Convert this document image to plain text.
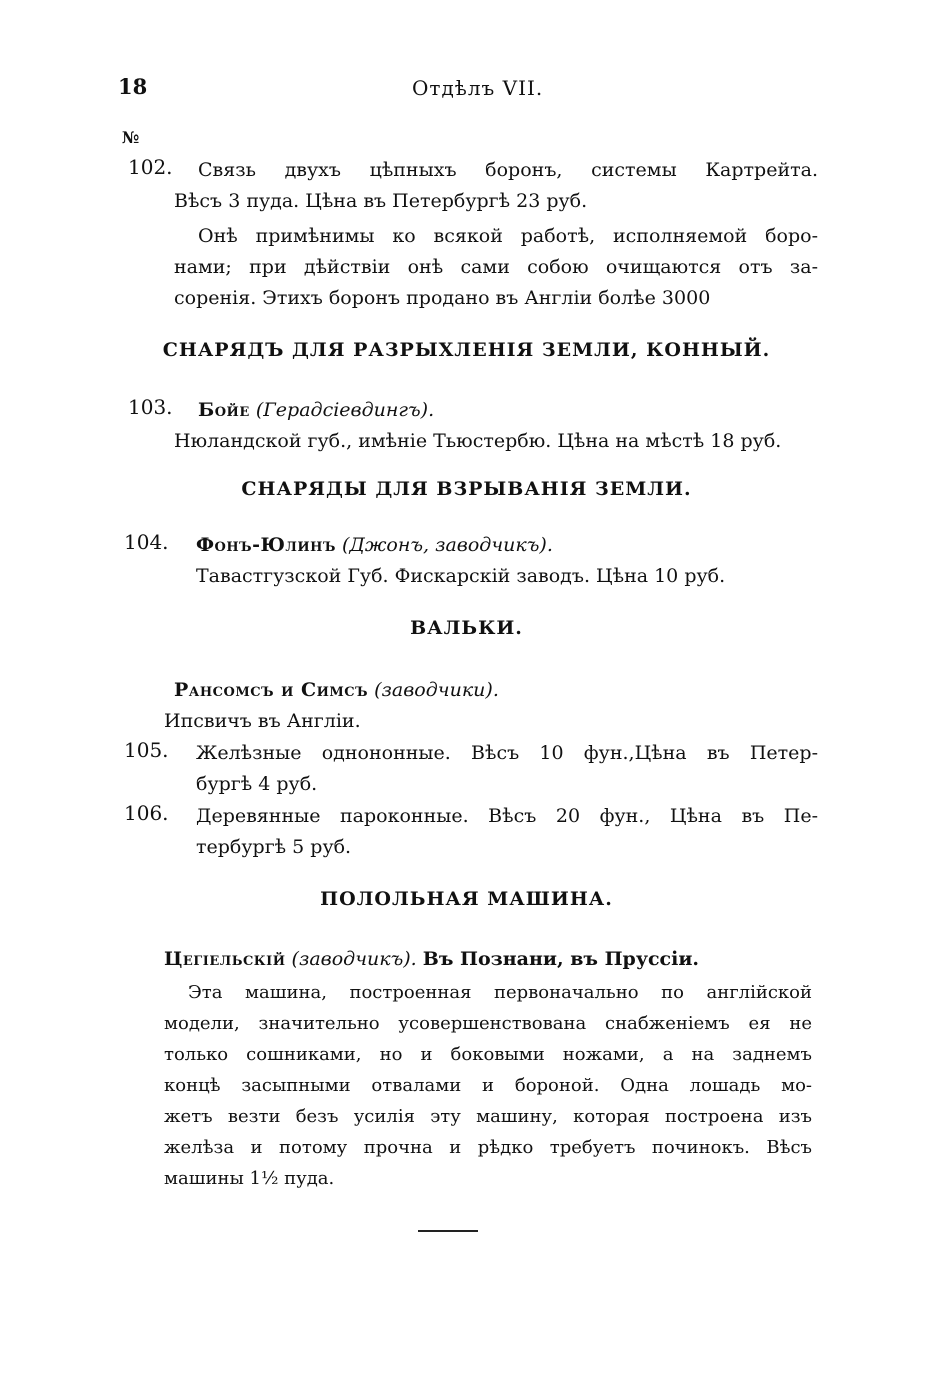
18	Отдѣлъ VII.
№
102. Связь двухъ цѣпныхъ боронъ, системы Картрейта.
Вѣсъ 3 пуда. Цѣна въ Петербургѣ 23 руб.
Онѣ примѣнимы ко всякой работѣ, исполняемой боро-
нами; при дѣйствіи онѣ сами собою очищаются отъ за-
соренія. Этихъ боронъ продано въ Англіи болѣе 3000
СНАРЯДЪ ДЛЯ РАЗРЫХЛЕНІЯ ЗЕМЛИ, КОННЫЙ.
103. Бойе (Герадсіевдингъ).
Нюландской губ., имѣніе Тьюстербю. Цѣна на мѣстѣ 18 руб.
СНАРЯДЫ ДЛЯ ВЗРЫВАНІЯ ЗЕМЛИ.
104. Фонъ-Юлинъ (Джонъ, заводчикъ).
Тавастгузской Губ. Фискарскій заводъ. Цѣна 10 руб.
ВАЛЬКИ.
Рансомсъ и Симсъ (заводчики).
Ипсвичъ въ Англіи.
105. Желѣзные однононные. Вѣсъ 10 фун.,Цѣна въ Петер-
бургѣ 4 руб.
106. Деревянные пароконные. Вѣсъ 20 фун., Цѣна въ Пе-
тербургѣ 5 руб.
ПОЛОЛЬНАЯ МАШИНА.
Цегіельскій (заводчикъ). Въ Познани, въ Пруссіи.
Эта машина, построенная первоначально по англійской
модели, значительно усовершенствована снабженіемъ ея не
только сошниками, но и боковыми ножами, а на заднемъ
концѣ засыпными отвалами и бороной. Одна лошадь мо-
жетъ везти безъ усилія эту машину, которая построена изъ
желѣза и потому прочна и рѣдко требуетъ починокъ. Вѣсъ
машины 1½ пуда.
